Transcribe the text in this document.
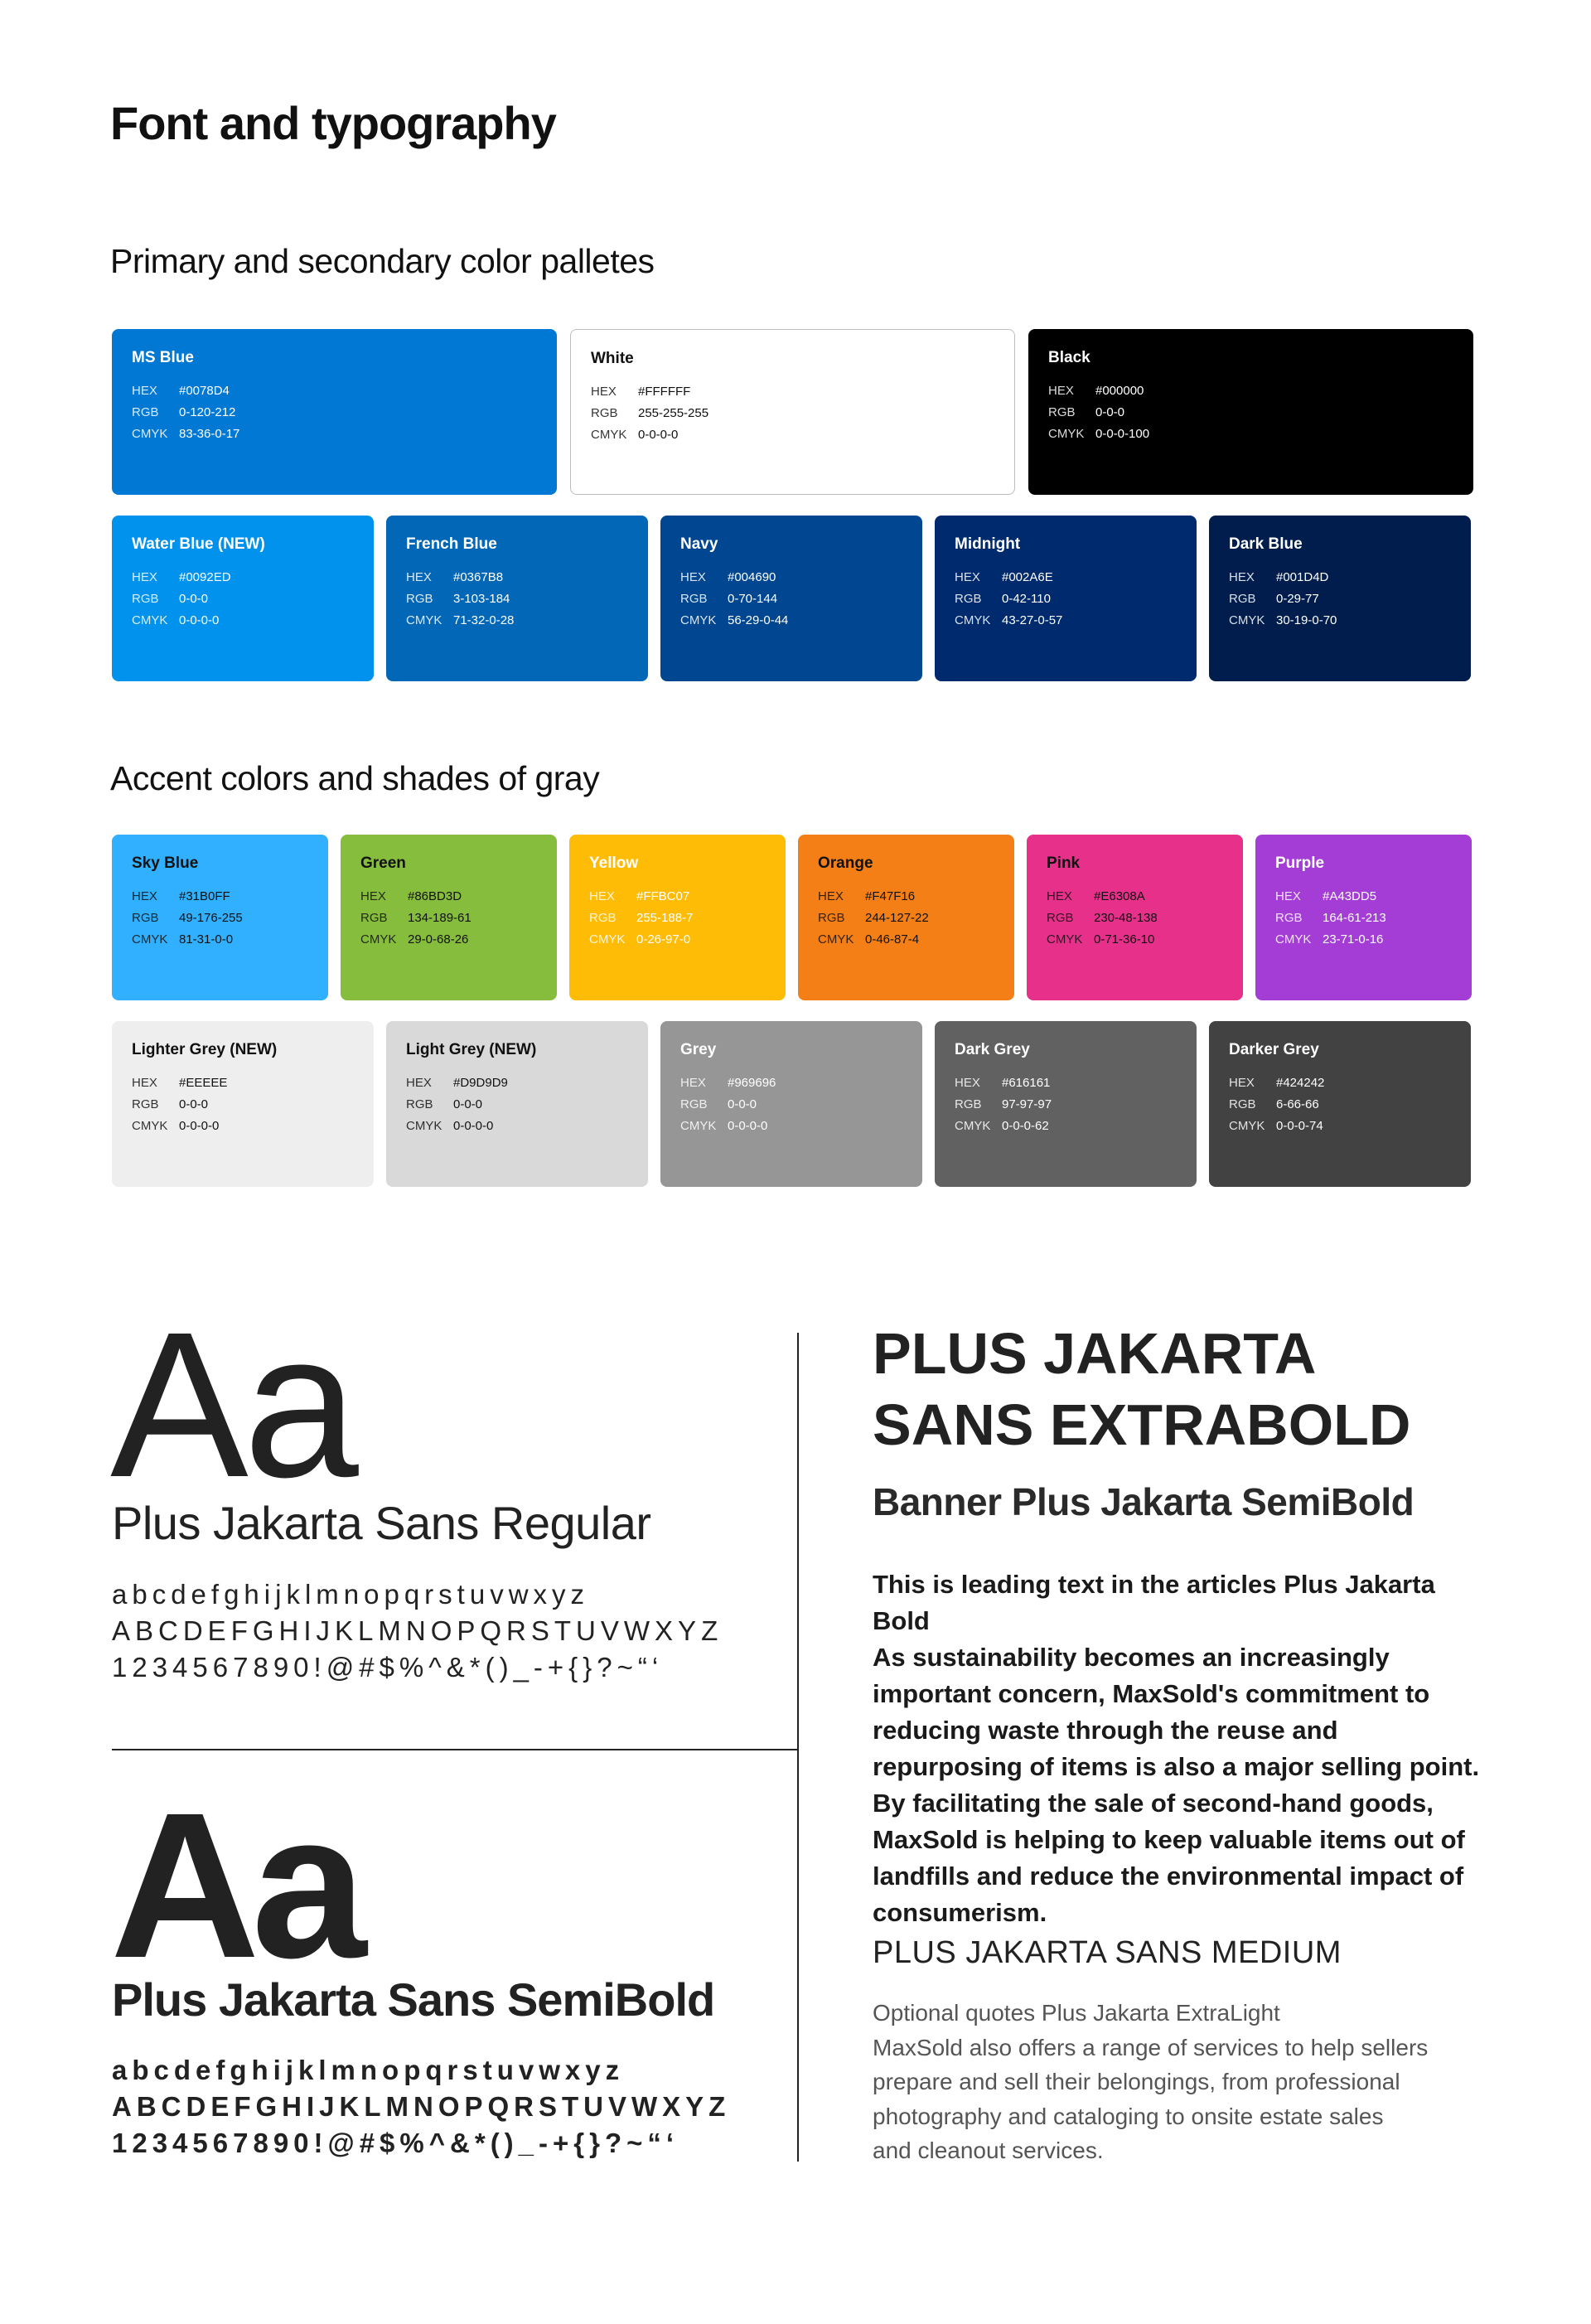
Font and typography
Primary and secondary color palletes
MS Blue
HEX #0078D4
RGB 0-120-212
CMYK 83-36-0-17
White
HEX #FFFFFF
RGB 255-255-255
CMYK 0-0-0-0
Black
HEX #000000
RGB 0-0-0
CMYK 0-0-0-100
Water Blue (NEW)
HEX #0092ED
RGB 0-0-0
CMYK 0-0-0-0
French Blue
HEX #0367B8
RGB 3-103-184
CMYK 71-32-0-28
Navy
HEX #004690
RGB 0-70-144
CMYK 56-29-0-44
Midnight
HEX #002A6E
RGB 0-42-110
CMYK 43-27-0-57
Dark Blue
HEX #001D4D
RGB 0-29-77
CMYK 30-19-0-70
Accent colors and shades of gray
Sky Blue
HEX #31B0FF
RGB 49-176-255
CMYK 81-31-0-0
Green
HEX #86BD3D
RGB 134-189-61
CMYK 29-0-68-26
Yellow
HEX #FFBC07
RGB 255-188-7
CMYK 0-26-97-0
Orange
HEX #F47F16
RGB 244-127-22
CMYK 0-46-87-4
Pink
HEX #E6308A
RGB 230-48-138
CMYK 0-71-36-10
Purple
HEX #A43DD5
RGB 164-61-213
CMYK 23-71-0-16
Lighter Grey (NEW)
HEX #EEEEE
RGB 0-0-0
CMYK 0-0-0-0
Light Grey (NEW)
HEX #D9D9D9
RGB 0-0-0
CMYK 0-0-0-0
Grey
HEX #969696
RGB 0-0-0
CMYK 0-0-0-0
Dark Grey
HEX #616161
RGB 97-97-97
CMYK 0-0-0-62
Darker Grey
HEX #424242
RGB 6-66-66
CMYK 0-0-0-74
Aa
Plus Jakarta Sans Regular
abcdefghijklmnopqrstuvwxyz
ABCDEFGHIJKLMNOPQRSTUVWXYZ
1234567890!@#$%^&*()_-+{}?~“‘
Aa
Plus Jakarta Sans SemiBold
abcdefghijklmnopqrstuvwxyz
ABCDEFGHIJKLMNOPQRSTUVWXYZ
1234567890!@#$%^&*()_-+{}?~“‘
PLUS JAKARTA
SANS EXTRABOLD
Banner Plus Jakarta SemiBold
This is leading text in the articles Plus Jakarta Bold
As sustainability becomes an increasingly
important concern, MaxSold's commitment to
reducing waste through the reuse and
repurposing of items is also a major selling point.
By facilitating the sale of second-hand goods,
MaxSold is helping to keep valuable items out of
landfills and reduce the environmental impact of
consumerism.
PLUS JAKARTA SANS MEDIUM
Optional quotes Plus Jakarta ExtraLight
MaxSold also offers a range of services to help sellers
prepare and sell their belongings, from professional
photography and cataloging to onsite estate sales
and cleanout services.
